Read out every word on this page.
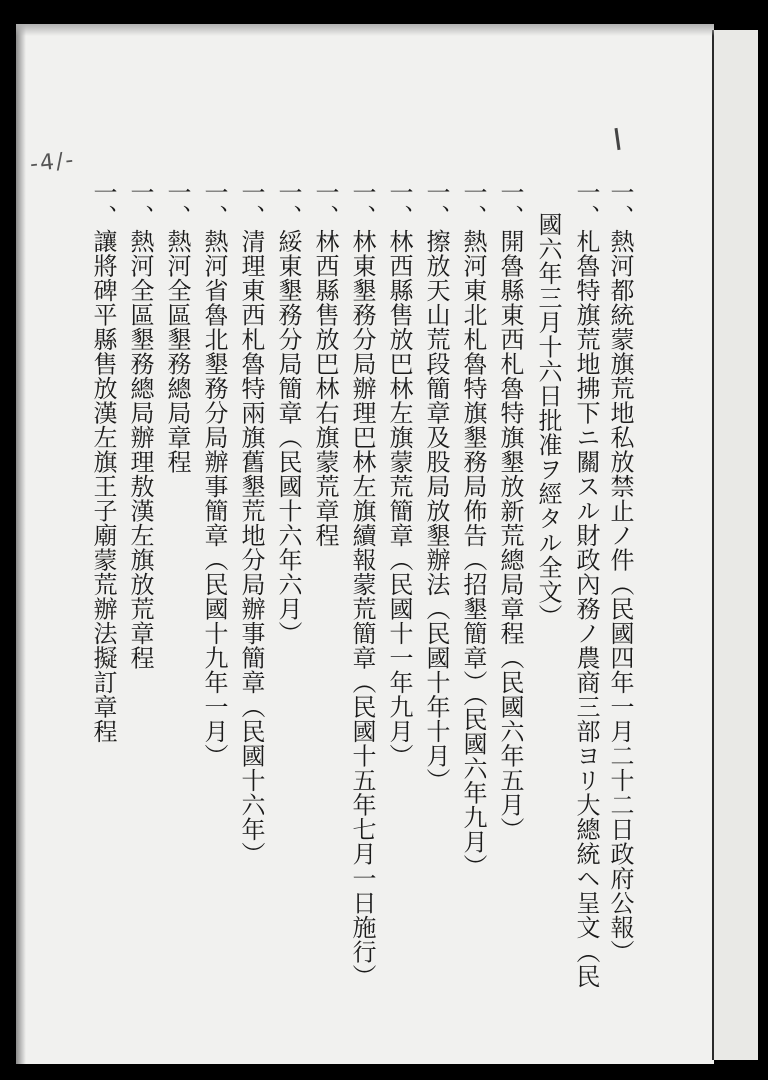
-4/-
一、熱河都統蒙旗荒地私放禁止ノ件（民國四年一月二十二日政府公報）
一、札魯特旗荒地拂下ニ關スル財政內務ノ農商三部ヨリ大總統ヘ呈文（民
國六年三月十六日批准ヲ經タル全文）
一、開魯縣東西札魯特旗墾放新荒總局章程（民國六年五月）
一、熱河東北札魯特旗墾務局佈告（招墾簡章）（民國六年九月）
一、擦放天山荒段簡章及股局放墾辦法（民國十年十月）
一、林西縣售放巴林左旗蒙荒簡章（民國十一年九月）
一、林東墾務分局辦理巴林左旗續報蒙荒簡章（民國十五年七月一日施行）
一、林西縣售放巴林右旗蒙荒章程
一、綏東墾務分局簡章（民國十六年六月）
一、清理東西札魯特兩旗舊墾荒地分局辦事簡章（民國十六年）
一、熱河省魯北墾務分局辦事簡章（民國十九年一月）
一、熱河全區墾務總局章程
一、熱河全區墾務總局辦理敖漢左旗放荒章程
一、讓將碑平縣售放漢左旗王子廟蒙荒辦法擬訂章程
